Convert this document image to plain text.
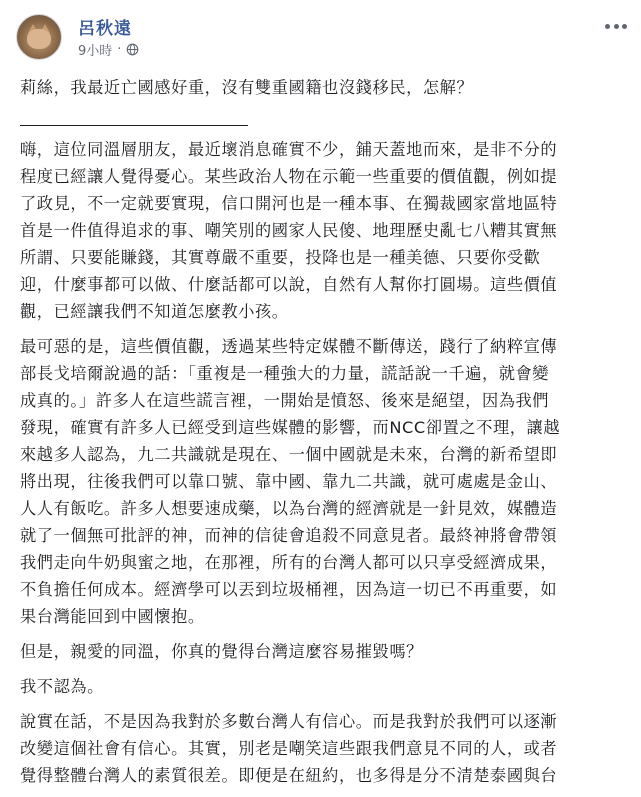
呂秋遠
9小時 ·

莉絲，我最近亡國感好重，沒有雙重國籍也沒錢移民，怎解？

嗨，這位同溫層朋友，最近壞消息確實不少，鋪天蓋地而來，是非不分的
程度已經讓人覺得憂心。某些政治人物在示範一些重要的價值觀，例如提
了政見，不一定就要實現，信口開河也是一種本事、在獨裁國家當地區特
首是一件值得追求的事、嘲笑別的國家人民傻、地理歷史亂七八糟其實無
所謂、只要能賺錢，其實尊嚴不重要，投降也是一種美德、只要你受歡
迎，什麼事都可以做、什麼話都可以說，自然有人幫你打圓場。這些價值
觀，已經讓我們不知道怎麼教小孩。

最可惡的是，這些價值觀，透過某些特定媒體不斷傳送，踐行了納粹宣傳
部長戈培爾說過的話：「重複是一種強大的力量，謊話說一千遍，就會變
成真的。」許多人在這些謊言裡，一開始是憤怒、後來是絕望，因為我們
發現，確實有許多人已經受到這些媒體的影響，而NCC卻置之不理，讓越
來越多人認為，九二共識就是現在、一個中國就是未來，台灣的新希望即
將出現，往後我們可以靠口號、靠中國、靠九二共識，就可處處是金山、
人人有飯吃。許多人想要速成藥，以為台灣的經濟就是一針見效，媒體造
就了一個無可批評的神，而神的信徒會追殺不同意見者。最終神將會帶領
我們走向牛奶與蜜之地，在那裡，所有的台灣人都可以只享受經濟成果，
不負擔任何成本。經濟學可以丟到垃圾桶裡，因為這一切已不再重要，如
果台灣能回到中國懷抱。

但是，親愛的同溫，你真的覺得台灣這麼容易摧毀嗎？

我不認為。

說實在話，不是因為我對於多數台灣人有信心。而是我對於我們可以逐漸
改變這個社會有信心。其實，別老是嘲笑這些跟我們意見不同的人，或者
覺得整體台灣人的素質很差。即便是在紐約，也多得是分不清楚泰國與台
